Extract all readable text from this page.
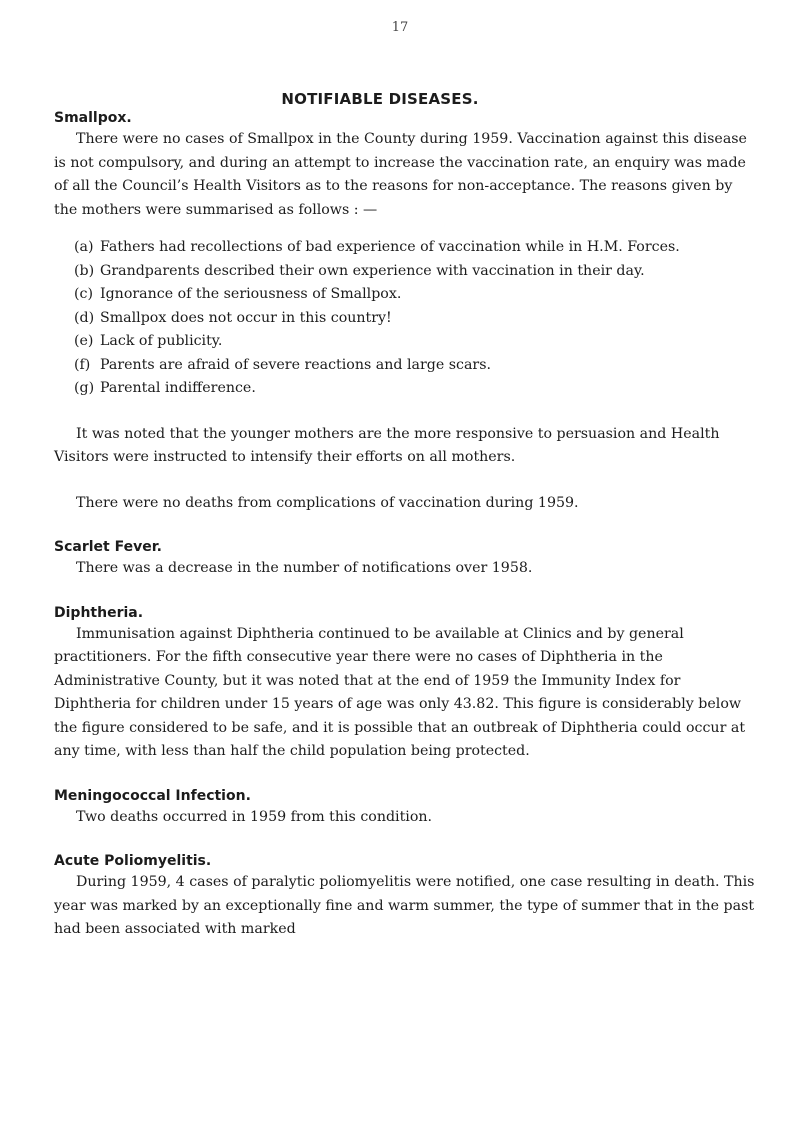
17
NOTIFIABLE DISEASES.
Smallpox.

There were no cases of Smallpox in the County during 1959. Vaccination against this disease is not compulsory, and during an attempt to increase the vaccination rate, an enquiry was made of all the Council’s Health Visitors as to the reasons for non-acceptance. The reasons given by the mothers were summarised as follows : —

(a) Fathers had recollections of bad experience of vaccination while in H.M. Forces.
(b) Grandparents described their own experience with vaccination in their day.
(c) Ignorance of the seriousness of Smallpox.
(d) Smallpox does not occur in this country!
(e) Lack of publicity.
(f) Parents are afraid of severe reactions and large scars.
(g) Parental indifference.

It was noted that the younger mothers are the more responsive to persuasion and Health Visitors were instructed to intensify their efforts on all mothers.

There were no deaths from complications of vaccination during 1959.

Scarlet Fever.

There was a decrease in the number of notifications over 1958.

Diphtheria.

Immunisation against Diphtheria continued to be available at Clinics and by general practitioners. For the fifth consecutive year there were no cases of Diphtheria in the Administrative County, but it was noted that at the end of 1959 the Immunity Index for Diphtheria for children under 15 years of age was only 43.82. This figure is considerably below the figure considered to be safe, and it is possible that an outbreak of Diphtheria could occur at any time, with less than half the child population being protected.

Meningococcal Infection.

Two deaths occurred in 1959 from this condition.

Acute Poliomyelitis.

During 1959, 4 cases of paralytic poliomyelitis were notified, one case resulting in death. This year was marked by an exceptionally fine and warm summer, the type of summer that in the past had been associated with marked
